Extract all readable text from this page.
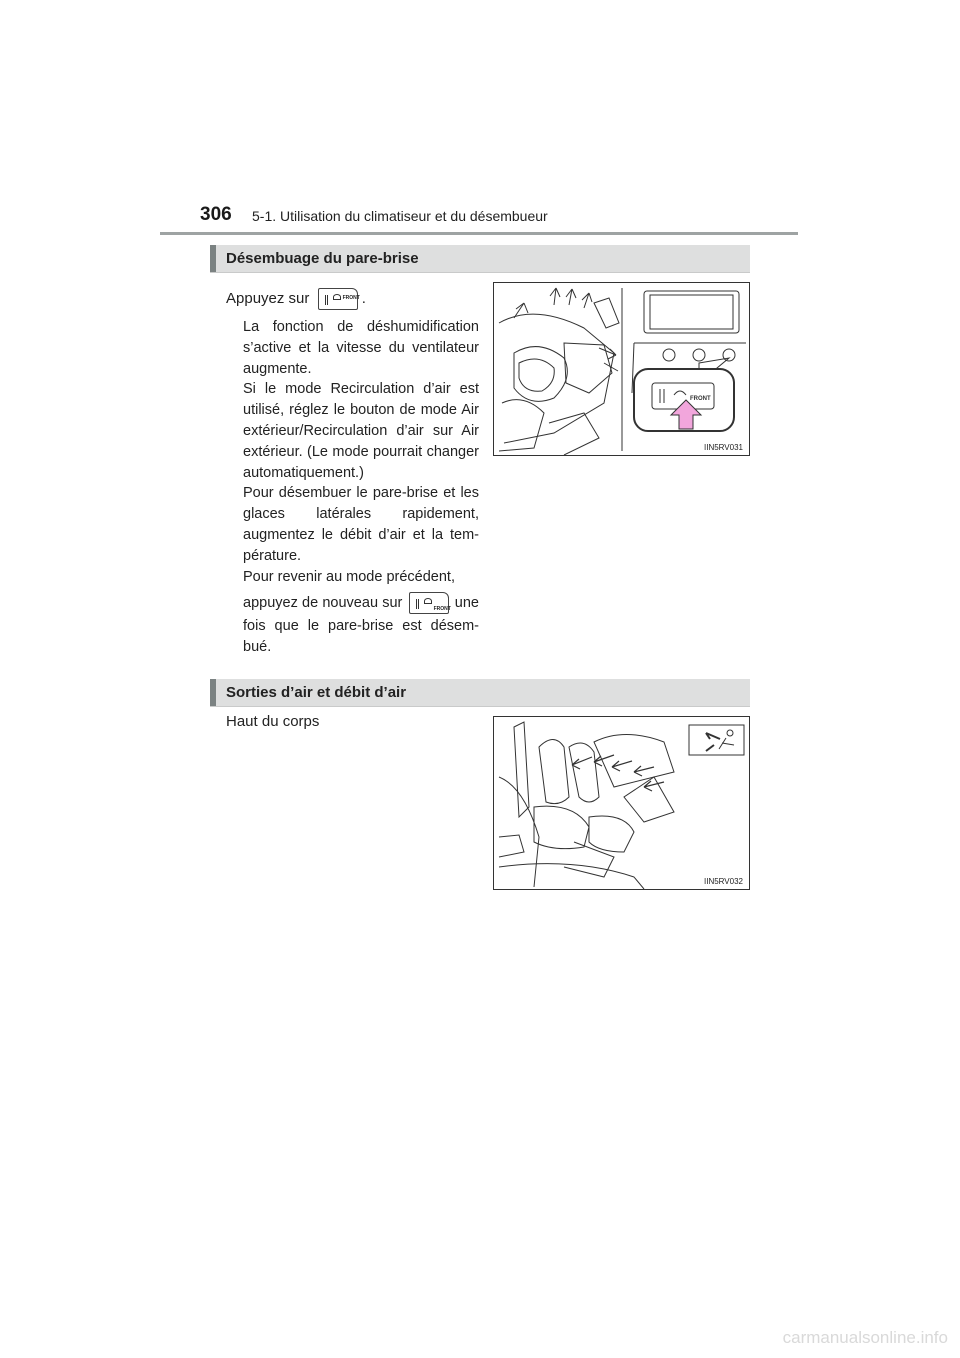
306 5-1. Utilisation du climatiseur et du désembueur
Désembuage du pare-brise
Appuyez sur	FRONT .

La fonction de déshumidification s’active et la vitesse du ventilateur augmente.

Si le mode Recirculation d’air est utilisé, réglez le bouton de mode Air extérieur/Recirculation d’air sur Air extérieur. (Le mode pourrait changer automatiquement.)

Pour désembuer le pare-brise et les glaces latérales rapidement, augmentez le débit d’air et la tem-pérature.

Pour revenir au mode précédent,

appuyez de nouveau sur	FRONT une

fois que le pare-brise est désem-bué.

FRONT
IIN5RV031
Sorties d’air et débit d’air
Haut du corps
IIN5RV032
carmanualsonline.info
